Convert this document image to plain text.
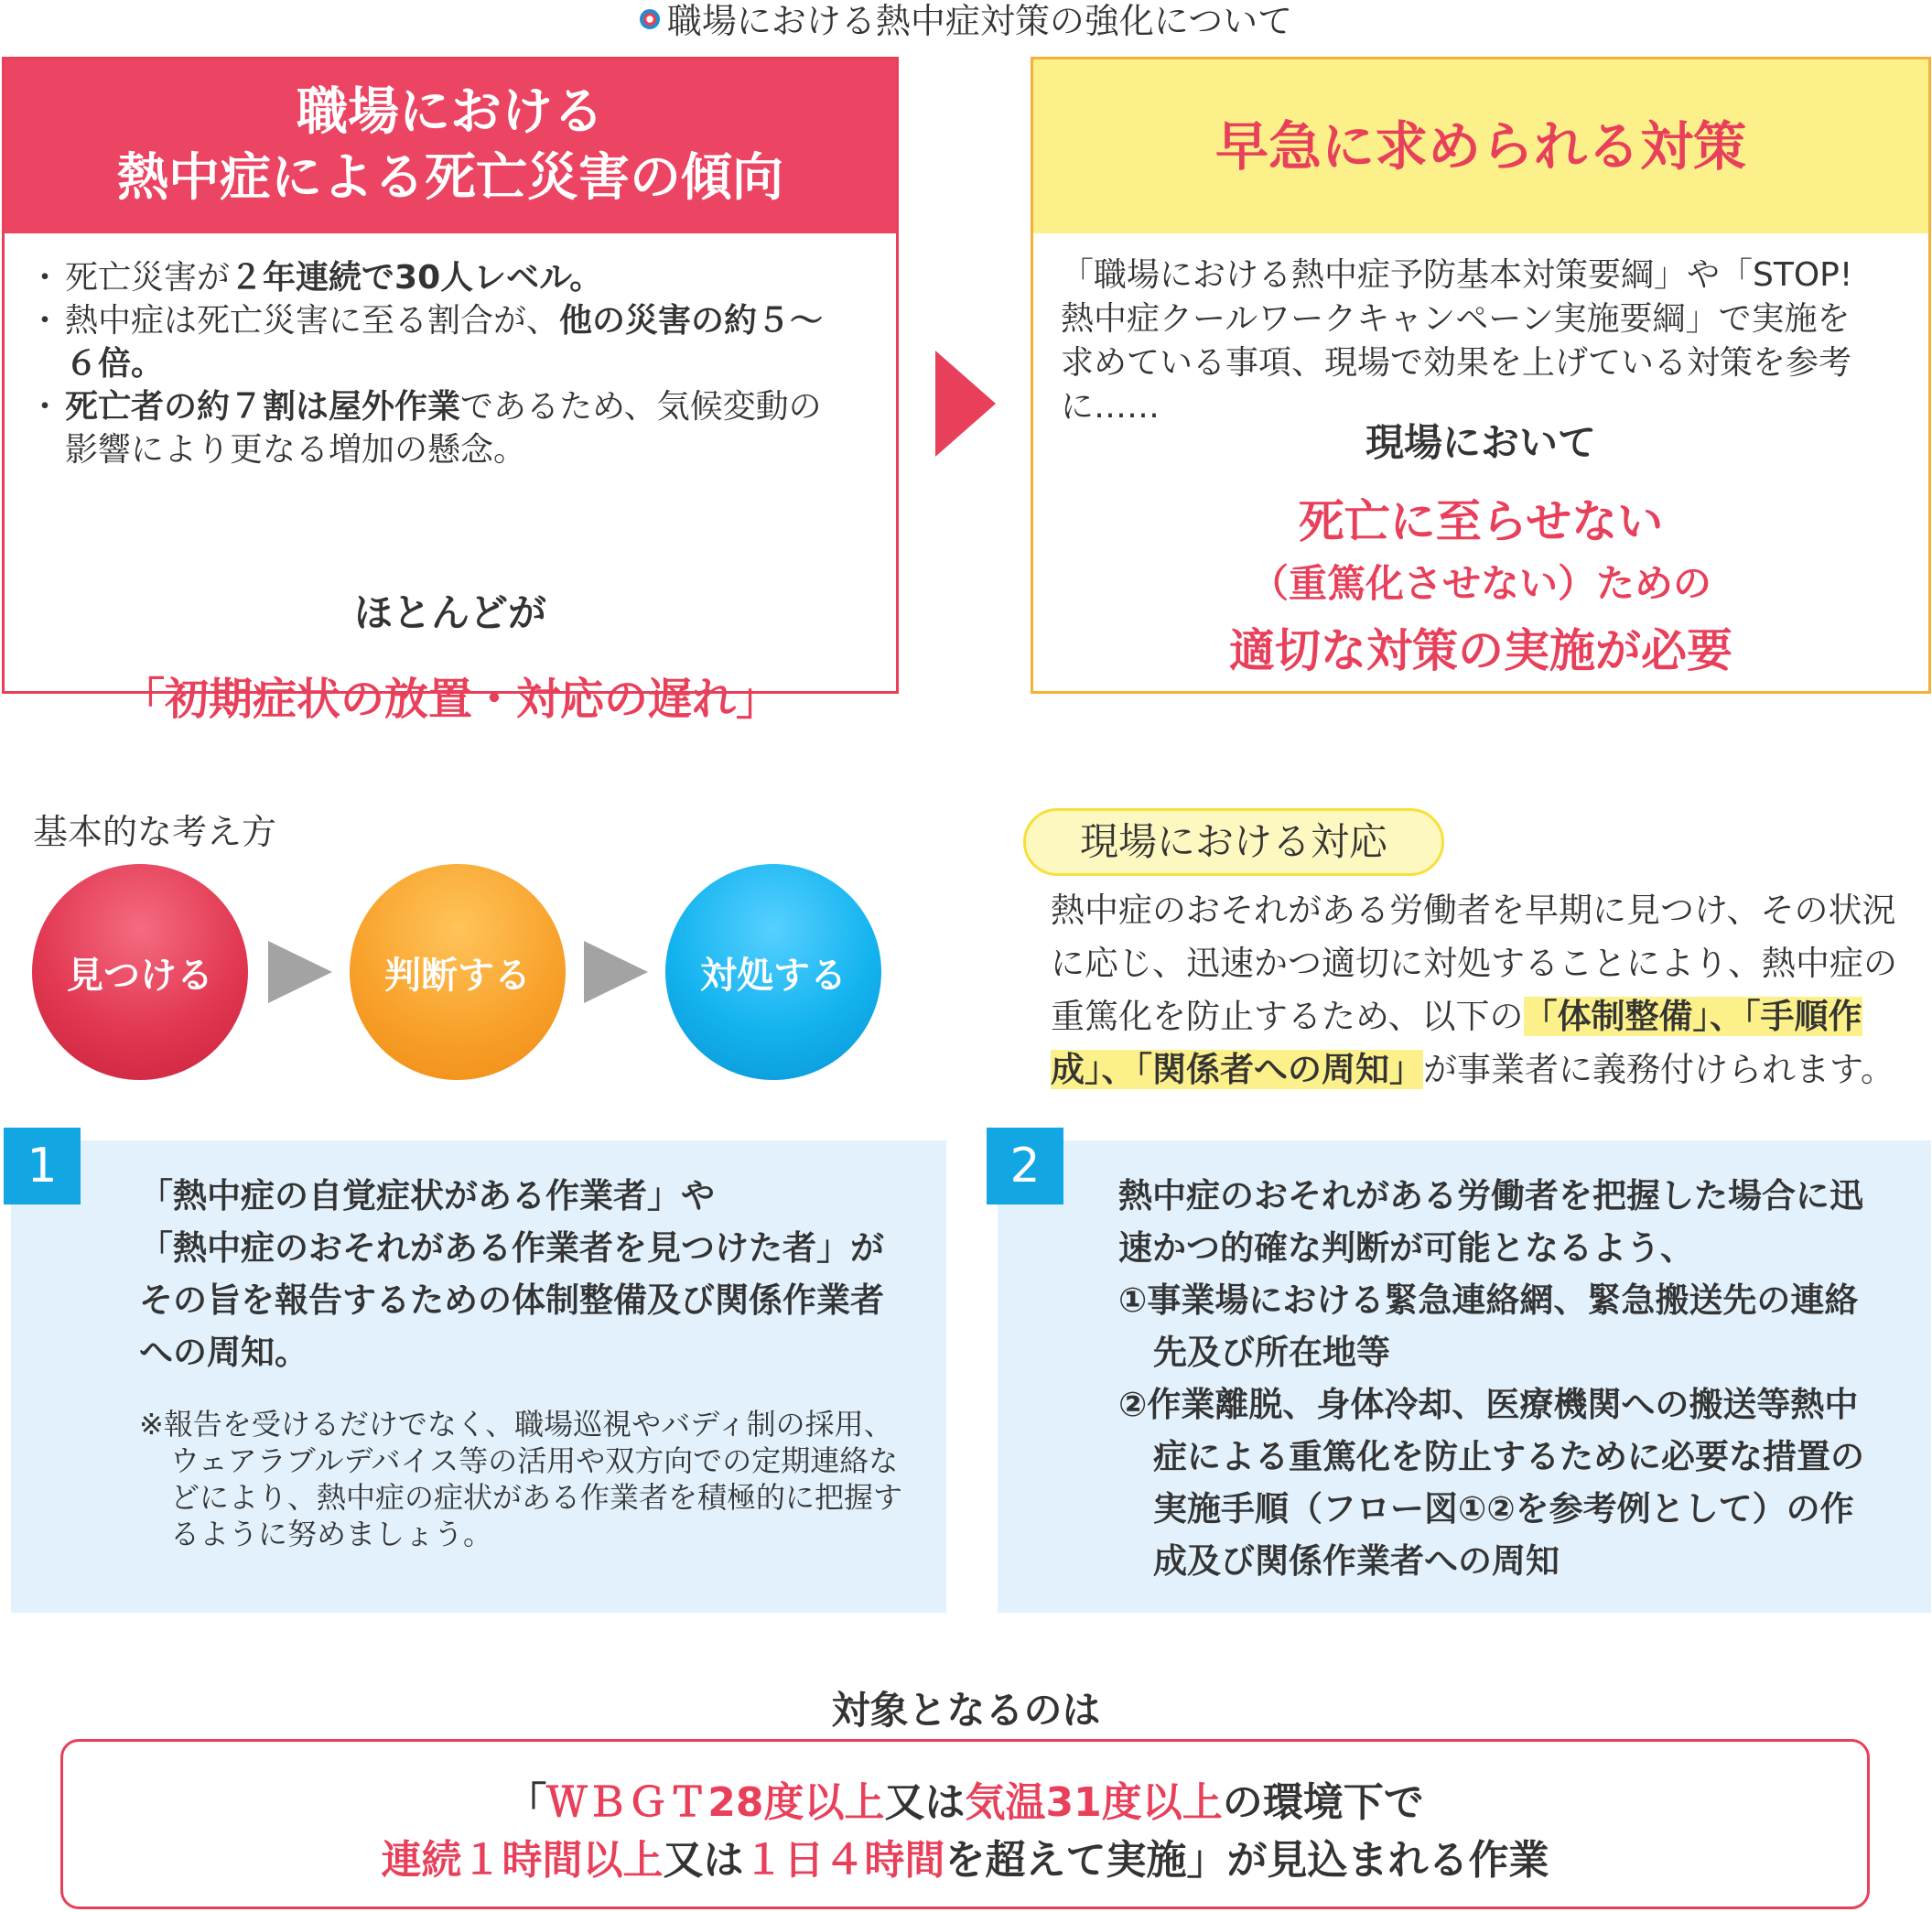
職場における熱中症対策の強化について
職場における
熱中症による死亡災害の傾向
・ 死亡災害が２年連続で30人レベル。
・ 熱中症は死亡災害に至る割合が、他の災害の約５～
６倍。
・ 死亡者の約７割は屋外作業であるため、気候変動の
影響により更なる増加の懸念。
ほとんどが
「初期症状の放置・対応の遅れ」
早急に求められる対策
「職場における熱中症予防基本対策要綱」や「STOP!
熱中症クールワークキャンペーン実施要綱」で実施を
求めている事項、現場で効果を上げている対策を参考
に……
現場において
死亡に至らせない
（重篤化させない）ための
適切な対策の実施が必要
基本的な考え方
見つける	判断する	対処する
現場における対応
熱中症のおそれがある労働者を早期に見つけ、その状況
に応じ、迅速かつ適切に対処することにより、熱中症の
重篤化を防止するため、以下の「体制整備」、「手順作
成」、「関係者への周知」が事業者に義務付けられます。
1
「熱中症の自覚症状がある作業者」や
「熱中症のおそれがある作業者を見つけた者」が
その旨を報告するための体制整備及び関係作業者
への周知。
※報告を受けるだけでなく、職場巡視やバディ制の採用、
ウェアラブルデバイス等の活用や双方向での定期連絡な
どにより、熱中症の症状がある作業者を積極的に把握す
るように努めましょう。
2
熱中症のおそれがある労働者を把握した場合に迅
速かつ的確な判断が可能となるよう、
①事業場における緊急連絡網、緊急搬送先の連絡
先及び所在地等
②作業離脱、身体冷却、医療機関への搬送等熱中
症による重篤化を防止するために必要な措置の
実施手順（フロー図①②を参考例として）の作
成及び関係作業者への周知
対象となるのは
「ＷＢＧＴ28度以上又は気温31度以上の環境下で
連続１時間以上又は１日４時間を超えて実施」が見込まれる作業
